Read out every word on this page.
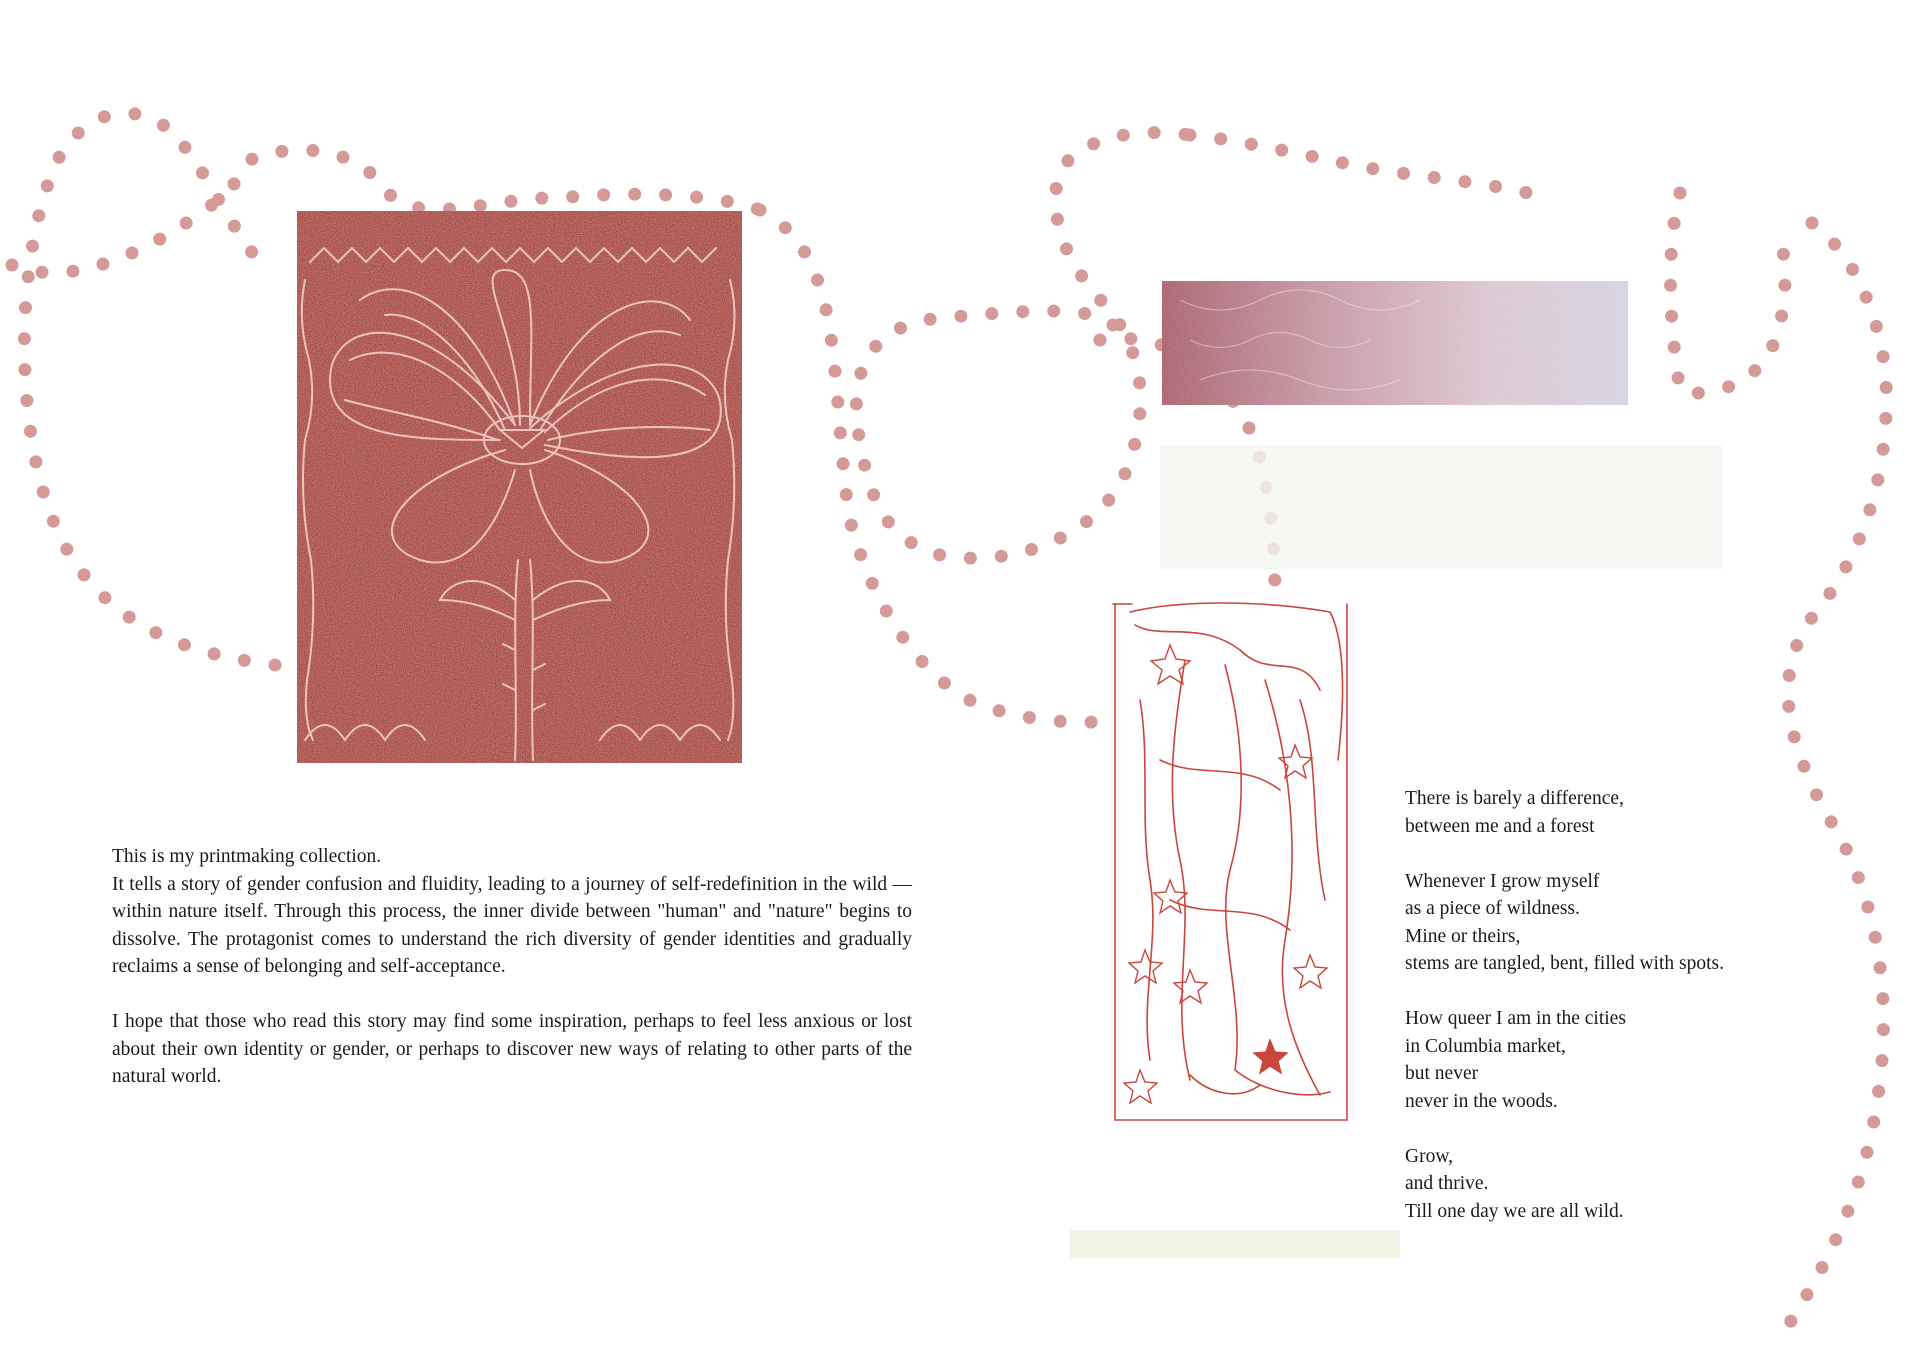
This is my printmaking collection.
It tells a story of gender confusion and fluidity, leading to a journey of self-redefinition in the wild — within nature itself. Through this process, the inner divide between "human" and "nature" begins to dissolve. The protagonist comes to understand the rich diversity of gender identities and gradually reclaims a sense of belonging and self-acceptance.

I hope that those who read this story may find some inspiration, perhaps to feel less anxious or lost about their own identity or gender, or perhaps to discover new ways of relating to other parts of the natural world.

There is barely a difference,
between me and a forest
Whenever I grow myself
as a piece of wildness.
Mine or theirs,
stems are tangled, bent, filled with spots.
How queer I am in the cities
in Columbia market,
but never
never in the woods.
Grow,
and thrive.
Till one day we are all wild.
